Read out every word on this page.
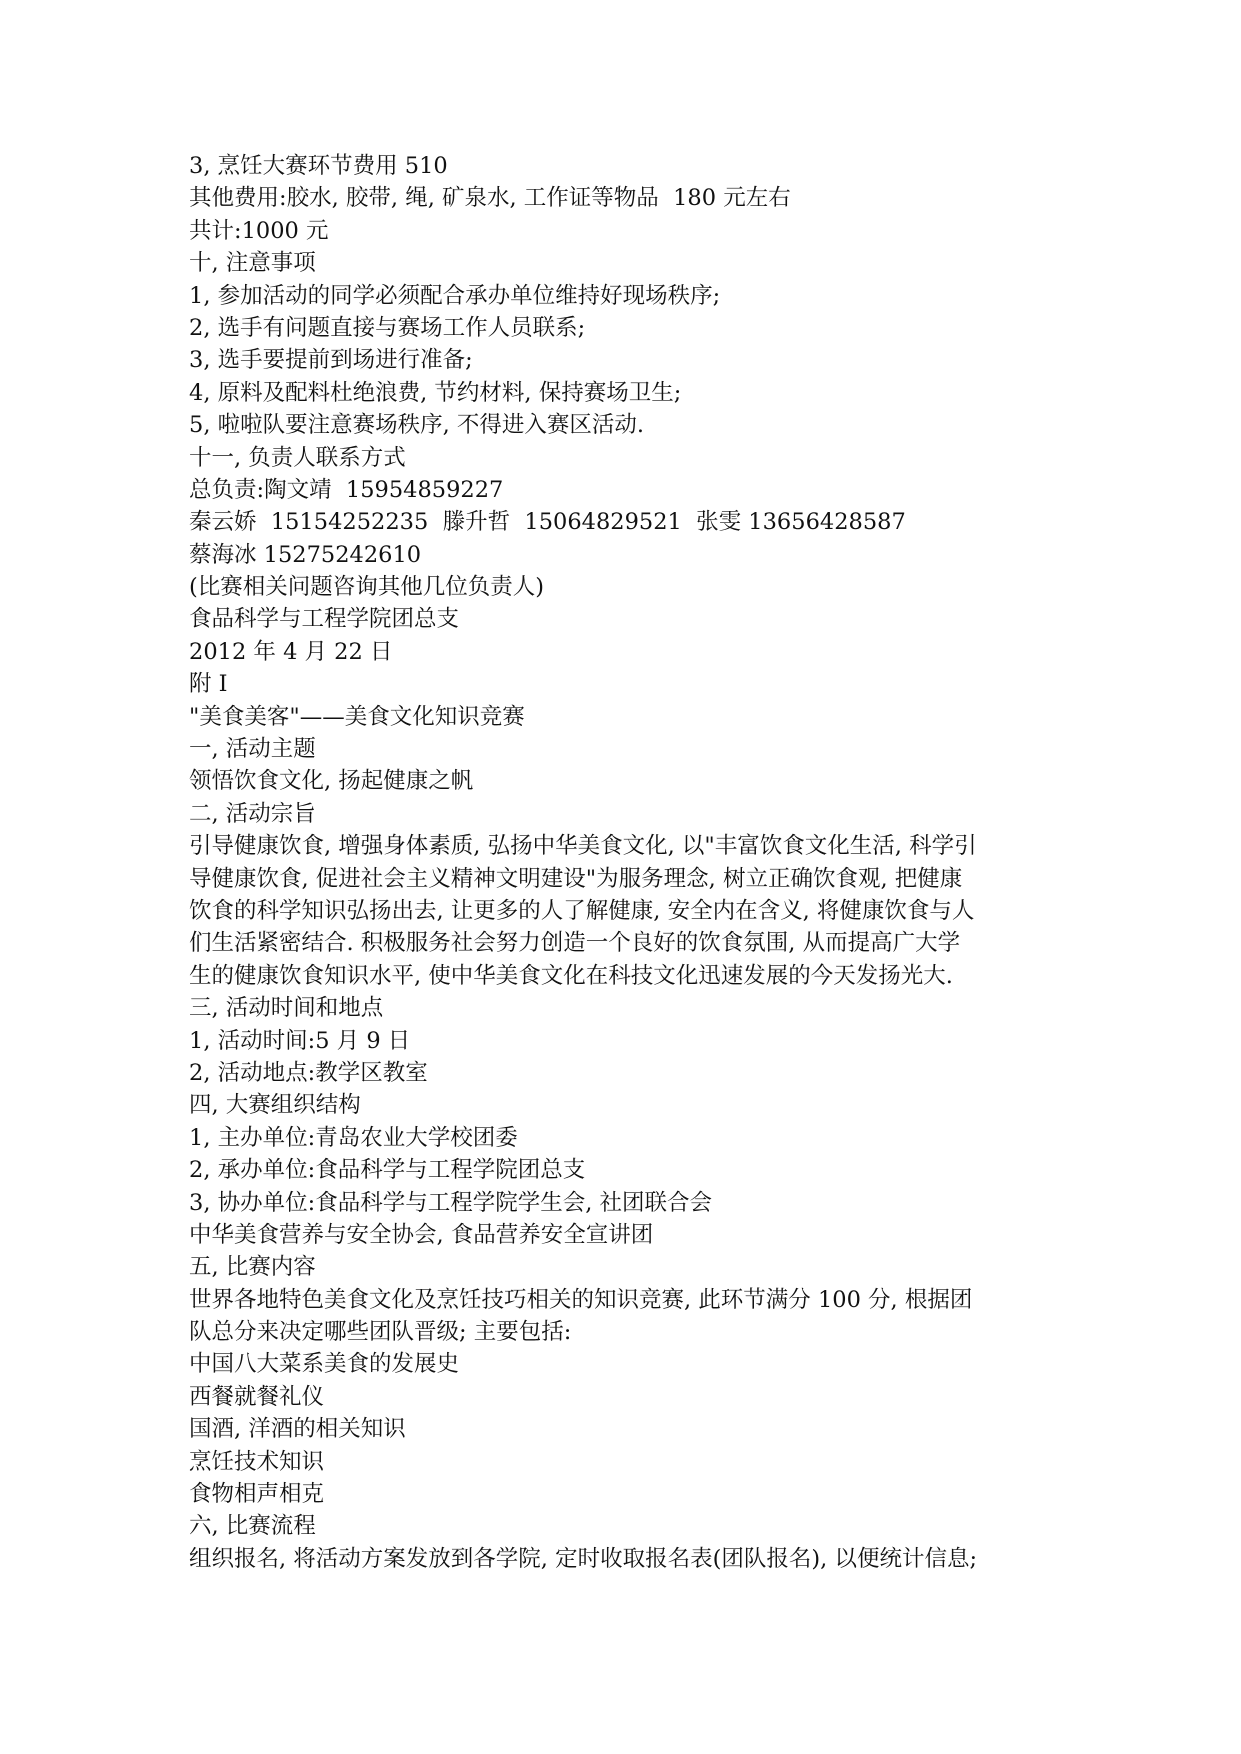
3, 烹饪大赛环节费用 510
其他费用:胶水, 胶带, 绳, 矿泉水, 工作证等物品  180 元左右
共计:1000 元
十, 注意事项
1, 参加活动的同学必须配合承办单位维持好现场秩序;
2, 选手有问题直接与赛场工作人员联系;
3, 选手要提前到场进行准备;
4, 原料及配料杜绝浪费, 节约材料, 保持赛场卫生;
5, 啦啦队要注意赛场秩序, 不得进入赛区活动.
十一, 负责人联系方式
总负责:陶文靖  15954859227
秦云娇  15154252235  滕升哲  15064829521  张雯 13656428587
蔡海冰 15275242610
(比赛相关问题咨询其他几位负责人)
食品科学与工程学院团总支
2012 年 4 月 22 日
附 I
"美食美客"——美食文化知识竞赛
一, 活动主题
领悟饮食文化, 扬起健康之帆
二, 活动宗旨
引导健康饮食, 增强身体素质, 弘扬中华美食文化, 以"丰富饮食文化生活, 科学引
导健康饮食, 促进社会主义精神文明建设"为服务理念, 树立正确饮食观, 把健康
饮食的科学知识弘扬出去, 让更多的人了解健康, 安全内在含义, 将健康饮食与人
们生活紧密结合. 积极服务社会努力创造一个良好的饮食氛围, 从而提高广大学
生的健康饮食知识水平, 使中华美食文化在科技文化迅速发展的今天发扬光大.
三, 活动时间和地点
1, 活动时间:5 月 9 日
2, 活动地点:教学区教室
四, 大赛组织结构
1, 主办单位:青岛农业大学校团委
2, 承办单位:食品科学与工程学院团总支
3, 协办单位:食品科学与工程学院学生会, 社团联合会
中华美食营养与安全协会, 食品营养安全宣讲团
五, 比赛内容
世界各地特色美食文化及烹饪技巧相关的知识竞赛, 此环节满分 100 分, 根据团
队总分来决定哪些团队晋级; 主要包括:
中国八大菜系美食的发展史
西餐就餐礼仪
国酒, 洋酒的相关知识
烹饪技术知识
食物相声相克
六, 比赛流程
组织报名, 将活动方案发放到各学院, 定时收取报名表(团队报名), 以便统计信息;
